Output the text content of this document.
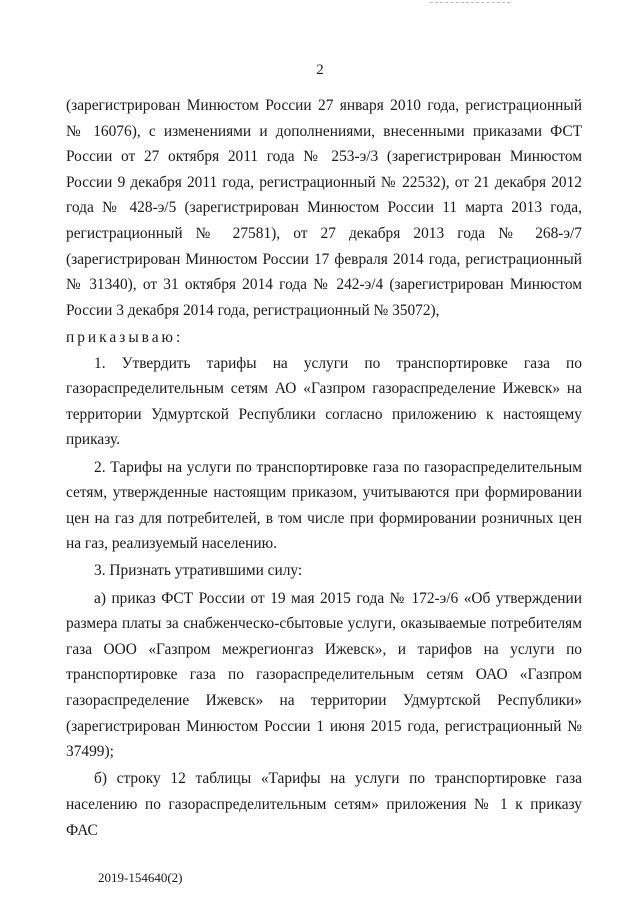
2

(зарегистрирован Минюстом России 27 января 2010 года, регистрационный № 16076), с изменениями и дополнениями, внесенными приказами ФСТ России от 27 октября 2011 года № 253-э/3 (зарегистрирован Минюстом России 9 декабря 2011 года, регистрационный № 22532), от 21 декабря 2012 года № 428-э/5 (зарегистрирован Минюстом России 11 марта 2013 года, регистрационный № 27581), от 27 декабря 2013 года № 268-э/7 (зарегистрирован Минюстом России 17 февраля 2014 года, регистрационный № 31340), от 31 октября 2014 года № 242-э/4 (зарегистрирован Минюстом России 3 декабря 2014 года, регистрационный № 35072),

приказываю:

1. Утвердить тарифы на услуги по транспортировке газа по газораспределительным сетям АО «Газпром газораспределение Ижевск» на территории Удмуртской Республики согласно приложению к настоящему приказу.

2. Тарифы на услуги по транспортировке газа по газораспределительным сетям, утвержденные настоящим приказом, учитываются при формировании цен на газ для потребителей, в том числе при формировании розничных цен на газ, реализуемый населению.

3. Признать утратившими силу:

а) приказ ФСТ России от 19 мая 2015 года № 172-э/6 «Об утверждении размера платы за снабженческо-сбытовые услуги, оказываемые потребителям газа ООО «Газпром межрегионгаз Ижевск», и тарифов на услуги по транспортировке газа по газораспределительным сетям ОАО «Газпром газораспределение Ижевск» на территории Удмуртской Республики» (зарегистрирован Минюстом России 1 июня 2015 года, регистрационный № 37499);

б) строку 12 таблицы «Тарифы на услуги по транспортировке газа населению по газораспределительным сетям» приложения № 1 к приказу ФАС

2019-154640(2)
